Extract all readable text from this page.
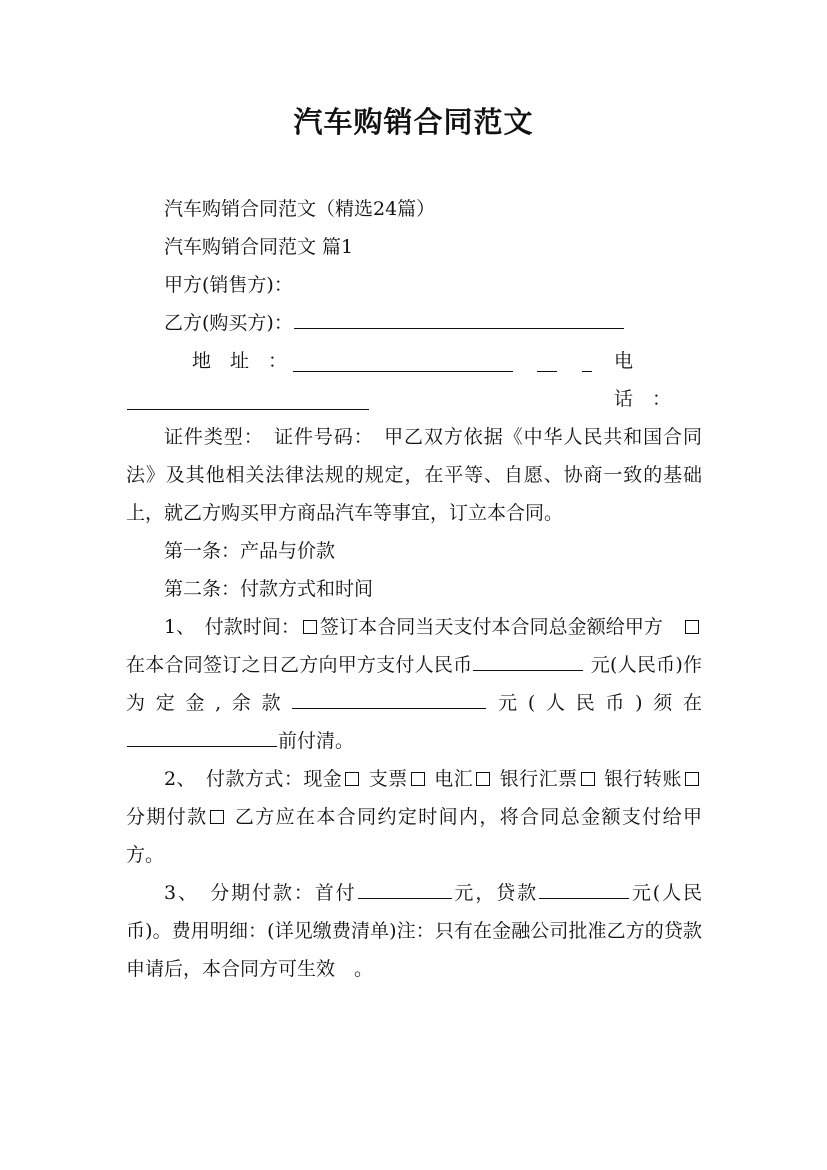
汽车购销合同范文

汽车购销合同范文（精选24篇）

汽车购销合同范文 篇1

甲方(销售方)：

乙方(购买方)：

地　址　：	电　话　：

证件类型：　证件号码：　甲乙双方依据《中华人民共和国合同法》及其他相关法律法规的规定，在平等、自愿、协商一致的基础上，就乙方购买甲方商品汽车等事宜，订立本合同。

第一条：产品与价款

第二条：付款方式和时间

1、　付款时间： 签订本合同当天支付本合同总金额给甲方　在本合同签订之日乙方向甲方支付人民币	元(人民币)作为定金,余款	元(人民币)须在前付清。

2、　付款方式：现金 支票 电汇 银行汇票 银行转账 分期付款 乙方应在本合同约定时间内，将合同总金额支付给甲方。

3、　分期付款：首付	元，贷款	元(人民币)。费用明细：(详见缴费清单)注：只有在金融公司批准乙方的贷款申请后，本合同方可生效　。
